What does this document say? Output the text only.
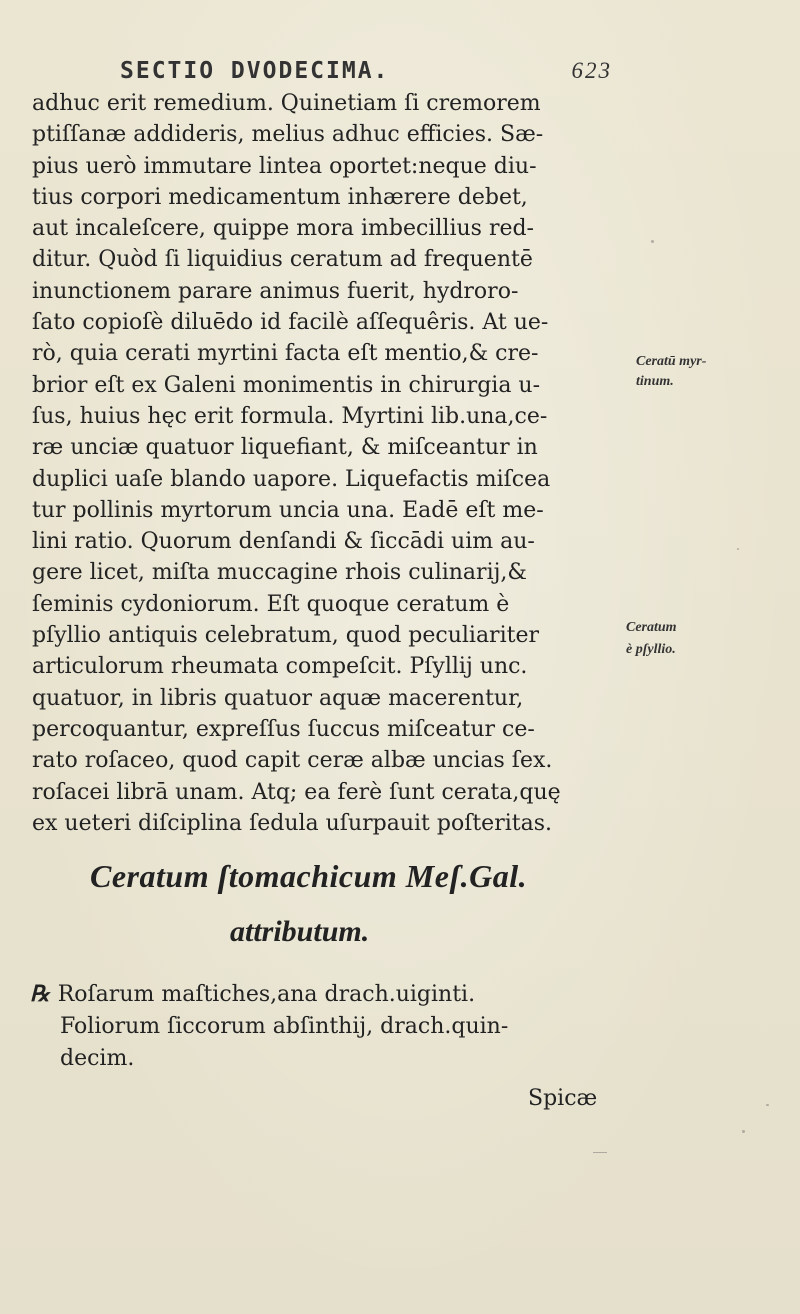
SECTIO DVODECIMA.	623
adhuc erit remedium. Quinetiam ſi cremorem
ptiſſanæ addideris, melius adhuc efficies. Sæ-
pius uerò immutare lintea oportet:neque diu-
tius corpori medicamentum inhærere debet,
aut incaleſcere, quippe mora imbecillius red-
ditur. Quòd ſi liquidius ceratum ad frequentē
inunctionem parare animus fuerit, hydroro-
ſato copioſè diluēdo id facilè aſſequêris. At ue-
rò, quia cerati myrtini facta eſt mentio,& cre-
brior eſt ex Galeni monimentis in chirurgia u-
ſus, huius hęc erit formula. Myrtini lib.una,ce-
ræ unciæ quatuor liquefiant, & miſceantur in
duplici uaſe blando uapore. Liquefactis miſcea
tur pollinis myrtorum uncia una. Eadē eſt me-
lini ratio. Quorum denſandi & ſiccādi uim au-
gere licet, miſta muccagine rhois culinarij,&
ſeminis cydoniorum. Eſt quoque ceratum è
pſyllio antiquis celebratum, quod peculiariter
articulorum rheumata compeſcit. Pſyllij unc.
quatuor, in libris quatuor aquæ macerentur,
percoquantur, expreſſus ſuccus miſceatur ce-
rato roſaceo, quod capit ceræ albæ uncias ſex.
roſacei librā unam. Atq; ea ferè ſunt cerata,quę
ex ueteri diſciplina ſedula uſurpauit poſteritas.
Ceratū myr-
tinum.
Ceratum
è pſyllio.
Ceratum ſtomachicum Meſ.Gal.
attributum.
℞ Roſarum maſtiches,ana drach.uiginti.
Foliorum ſiccorum abſinthij, drach.quin-
decim.
Spicæ
